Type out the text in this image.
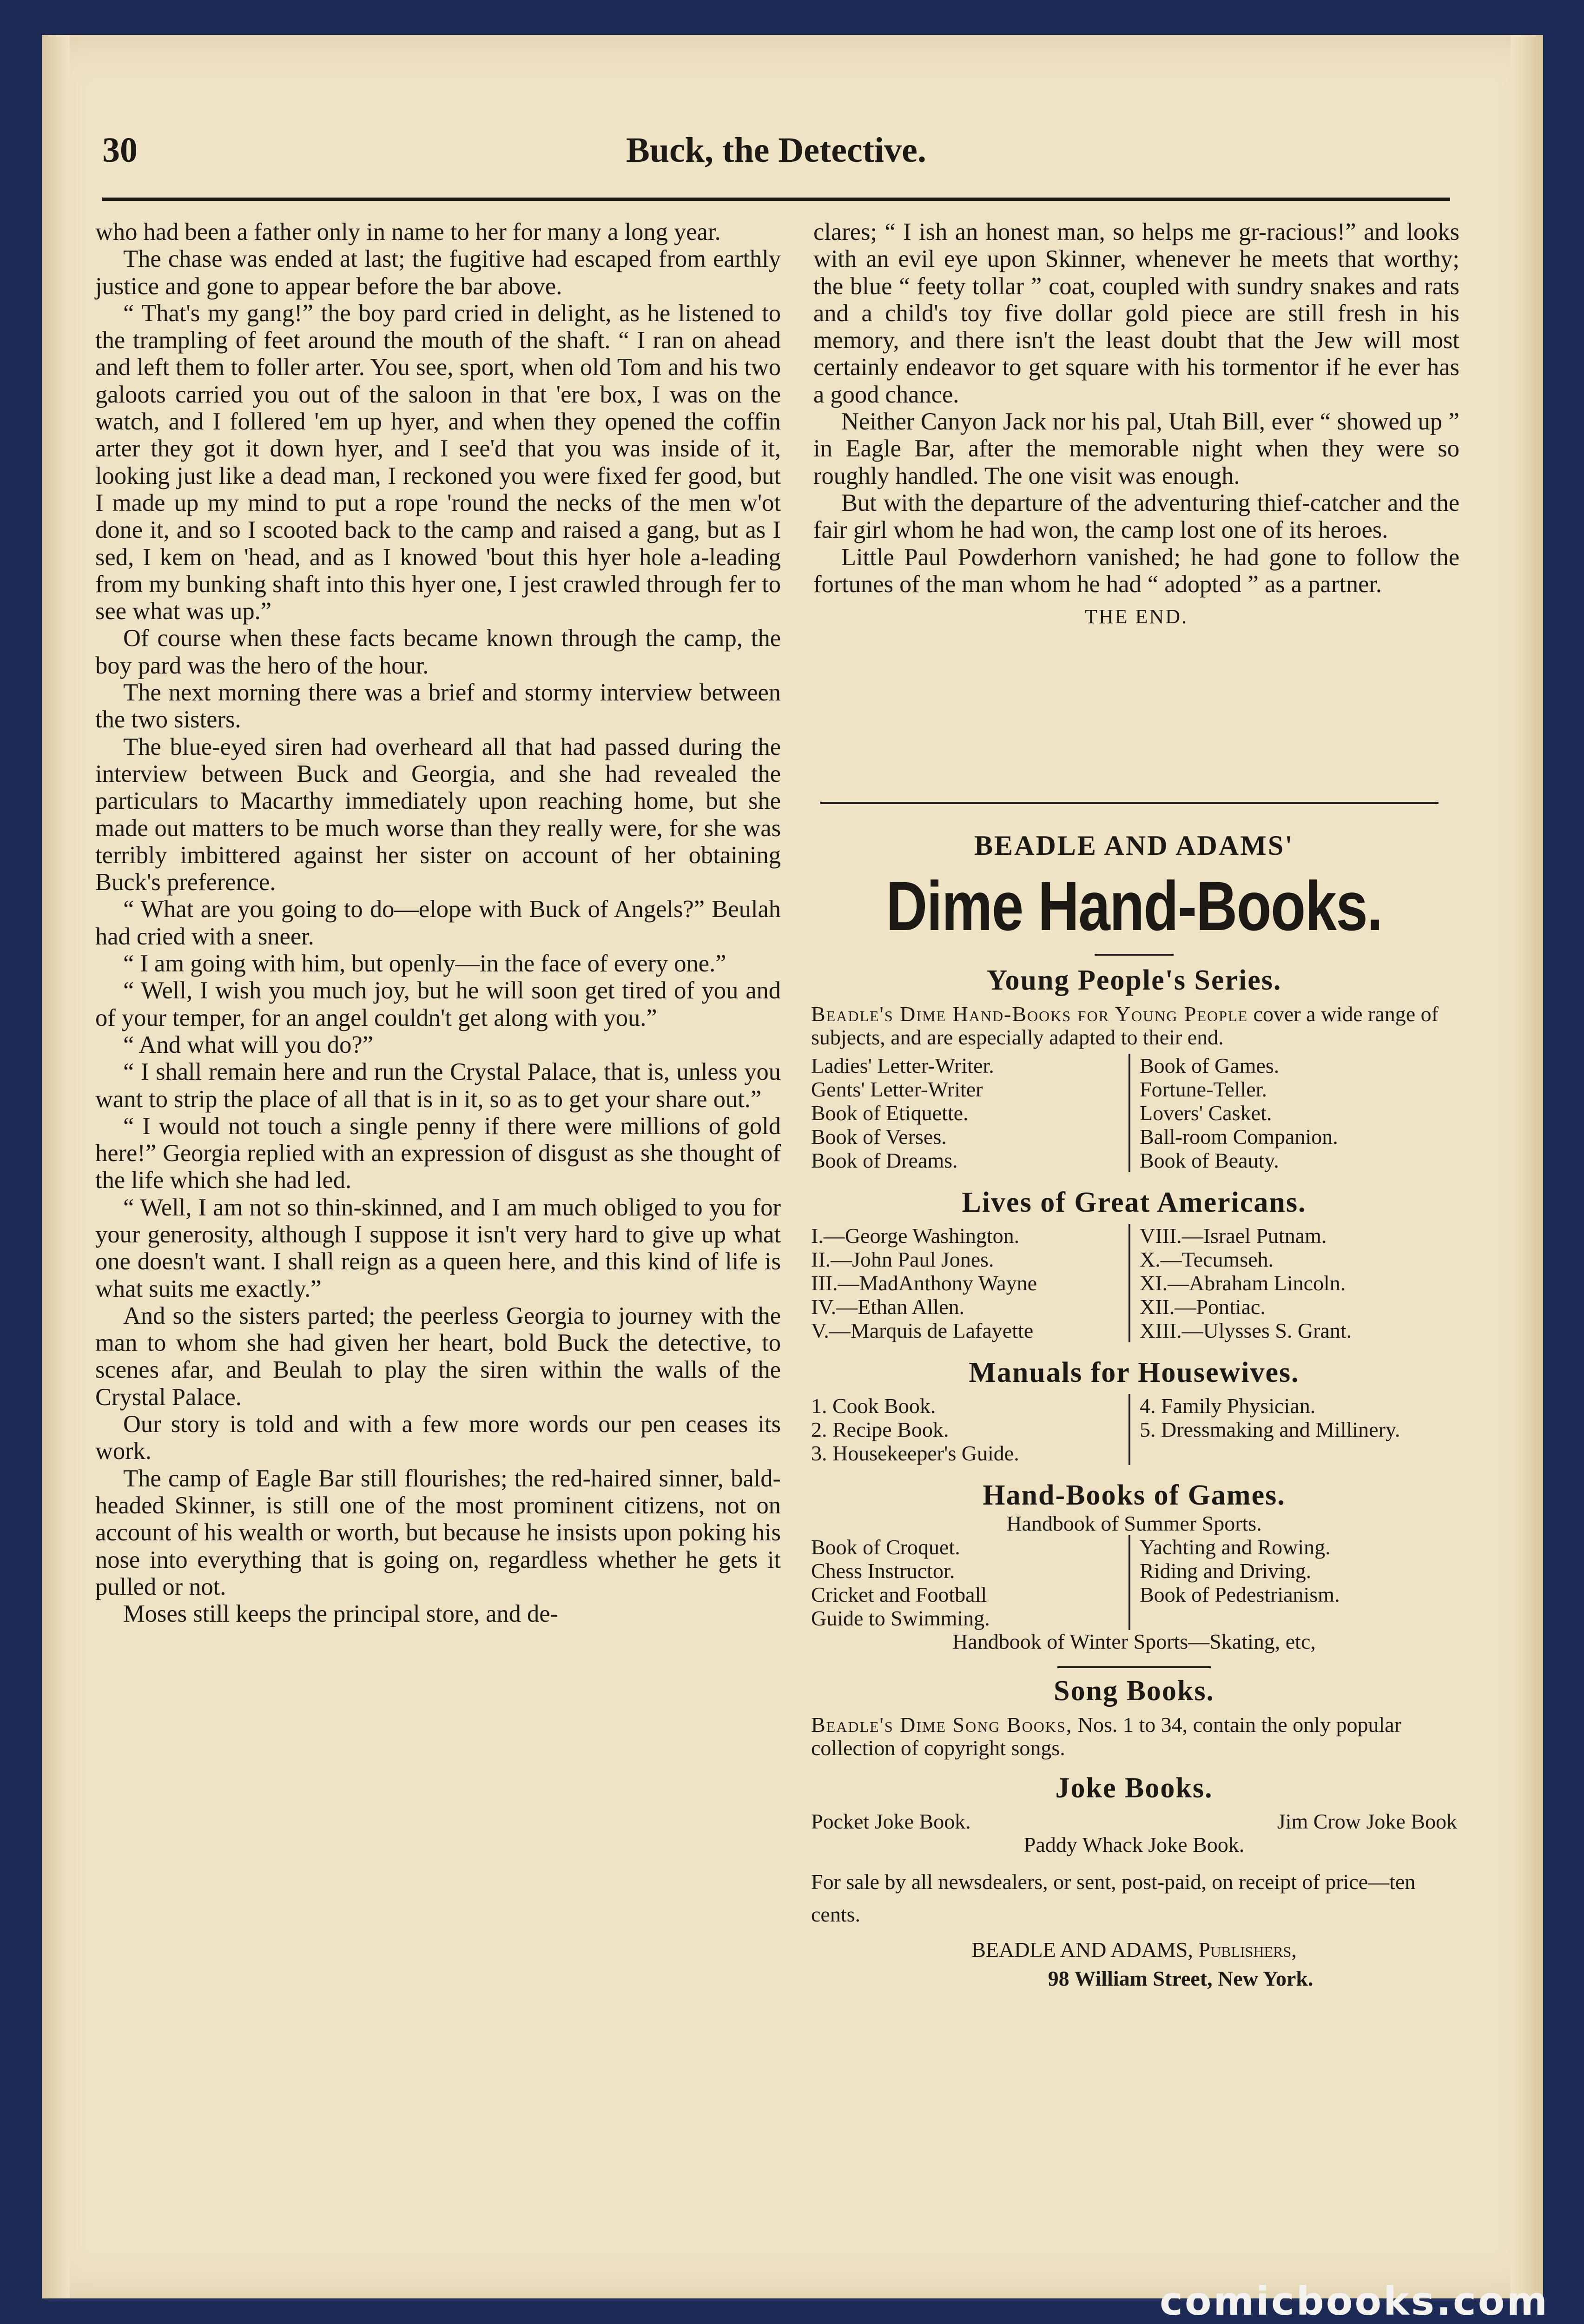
Buck, the Detective.
30

who had been a father only in name to her for many a long year.

The chase was ended at last; the fugitive had escaped from earthly justice and gone to appear before the bar above.

“ That's my gang!” the boy pard cried in delight, as he listened to the trampling of feet around the mouth of the shaft. “ I ran on ahead and left them to foller arter. You see, sport, when old Tom and his two galoots carried you out of the saloon in that 'ere box, I was on the watch, and I follered 'em up hyer, and when they opened the coffin arter they got it down hyer, and I see'd that you was inside of it, looking just like a dead man, I reckoned you were fixed fer good, but I made up my mind to put a rope 'round the necks of the men w'ot done it, and so I scooted back to the camp and raised a gang, but as I sed, I kem on 'head, and as I knowed 'bout this hyer hole a-leading from my bunking shaft into this hyer one, I jest crawled through fer to see what was up.”

Of course when these facts became known through the camp, the boy pard was the hero of the hour.

The next morning there was a brief and stormy interview between the two sisters.

The blue-eyed siren had overheard all that had passed during the interview between Buck and Georgia, and she had revealed the particulars to Macarthy immediately upon reaching home, but she made out matters to be much worse than they really were, for she was terribly imbittered against her sister on account of her obtaining Buck's preference.

“ What are you going to do—elope with Buck of Angels?” Beulah had cried with a sneer.

“ I am going with him, but openly—in the face of every one.”

“ Well, I wish you much joy, but he will soon get tired of you and of your temper, for an angel couldn't get along with you.”

“ And what will you do?”

“ I shall remain here and run the Crystal Palace, that is, unless you want to strip the place of all that is in it, so as to get your share out.”

“ I would not touch a single penny if there were millions of gold here!” Georgia replied with an expression of disgust as she thought of the life which she had led.

“ Well, I am not so thin-skinned, and I am much obliged to you for your generosity, although I suppose it isn't very hard to give up what one doesn't want. I shall reign as a queen here, and this kind of life is what suits me exactly.”

And so the sisters parted; the peerless Georgia to journey with the man to whom she had given her heart, bold Buck the detective, to scenes afar, and Beulah to play the siren within the walls of the Crystal Palace.

Our story is told and with a few more words our pen ceases its work.

The camp of Eagle Bar still flourishes; the red-haired sinner, bald-headed Skinner, is still one of the most prominent citizens, not on account of his wealth or worth, but because he insists upon poking his nose into everything that is going on, regardless whether he gets it pulled or not.

Moses still keeps the principal store, and de-

clares; “ I ish an honest man, so helps me gr-racious!” and looks with an evil eye upon Skinner, whenever he meets that worthy; the blue “ feety tollar ” coat, coupled with sundry snakes and rats and a child's toy five dollar gold piece are still fresh in his memory, and there isn't the least doubt that the Jew will most certainly endeavor to get square with his tormentor if he ever has a good chance.

Neither Canyon Jack nor his pal, Utah Bill, ever “ showed up ” in Eagle Bar, after the memorable night when they were so roughly handled. The one visit was enough.

But with the departure of the adventuring thief-catcher and the fair girl whom he had won, the camp lost one of its heroes.

Little Paul Powderhorn vanished; he had gone to follow the fortunes of the man whom he had “ adopted ” as a partner.

THE END.
BEADLE AND ADAMS'
Dime Hand-Books.
Young People's Series.
Beadle's Dime Hand-Books for Young People cover a wide range of subjects, and are especially adapted to their end.
Ladies' Letter-Writer.
Gents' Letter-Writer
Book of Etiquette.
Book of Verses.
Book of Dreams.
Book of Games.
Fortune-Teller.
Lovers' Casket.
Ball-room Companion.
Book of Beauty.
Lives of Great Americans.
I.—George Washington.
II.—John Paul Jones.
III.—MadAnthony Wayne
IV.—Ethan Allen.
V.—Marquis de Lafayette
VIII.—Israel Putnam.
X.—Tecumseh.
XI.—Abraham Lincoln.
XII.—Pontiac.
XIII.—Ulysses S. Grant.
Manuals for Housewives.
1. Cook Book.
2. Recipe Book.
3. Housekeeper's Guide.
4. Family Physician.
5. Dressmaking and Millinery.
Hand-Books of Games.
Handbook of Summer Sports.
Book of Croquet.
Chess Instructor.
Cricket and Football
Guide to Swimming.
Yachting and Rowing.
Riding and Driving.
Book of Pedestrianism.
Handbook of Winter Sports—Skating, etc,
Song Books.
Beadle's Dime Song Books, Nos. 1 to 34, contain the only popular collection of copyright songs.
Joke Books.
Pocket Joke Book.	Jim Crow Joke Book
Paddy Whack Joke Book.
For sale by all newsdealers, or sent, post-paid, on receipt of price—ten cents.
BEADLE AND ADAMS, Publishers,
98 William Street, New York.
comicbooks.com
